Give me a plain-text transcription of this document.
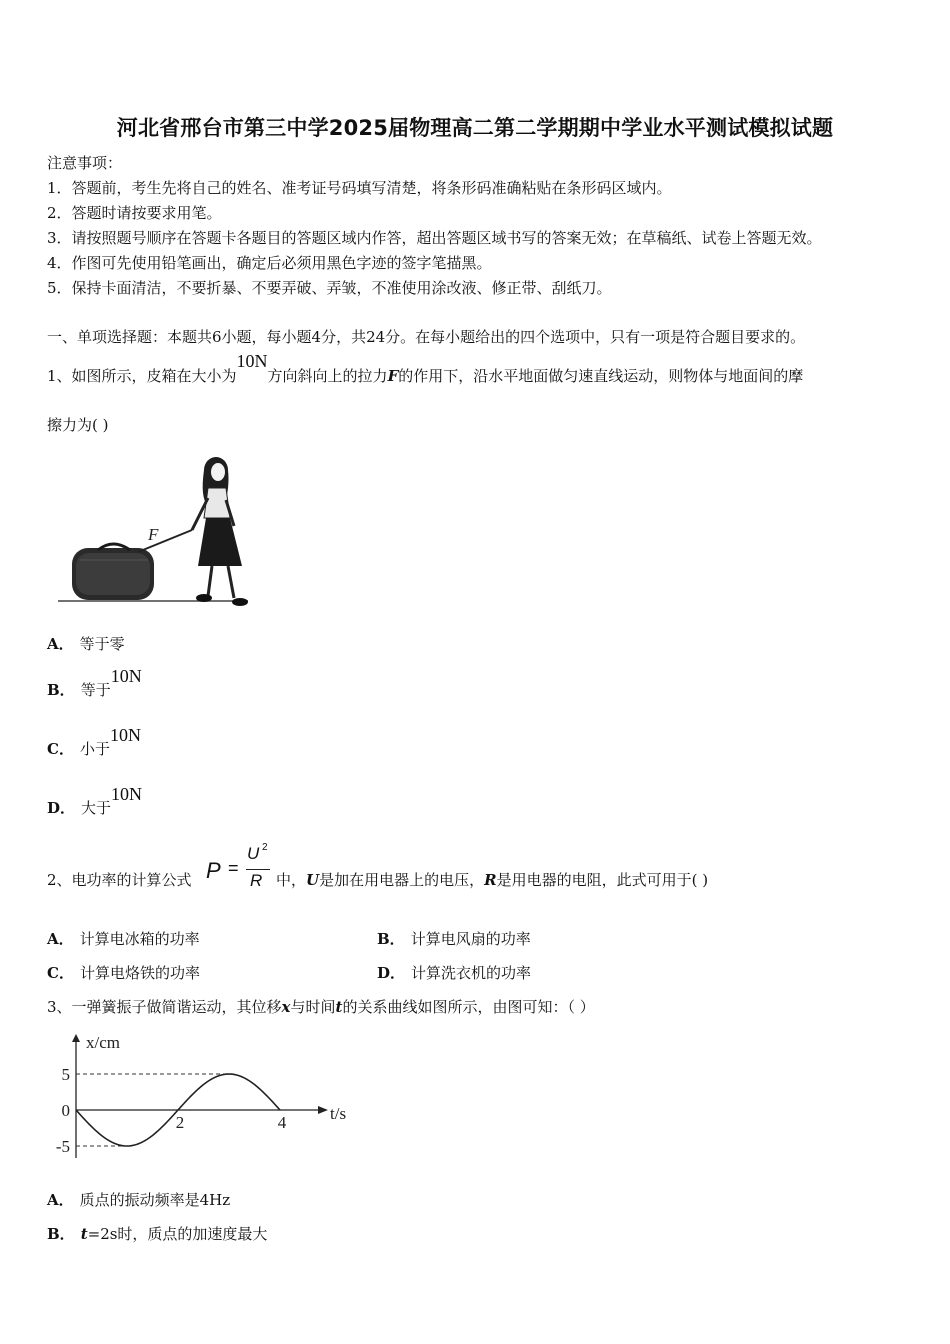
河北省邢台市第三中学2025届物理高二第二学期期中学业水平测试模拟试题
注意事项：
1．答题前，考生先将自己的姓名、准考证号码填写清楚，将条形码准确粘贴在条形码区域内。
2．答题时请按要求用笔。
3．请按照题号顺序在答题卡各题目的答题区域内作答，超出答题区域书写的答案无效；在草稿纸、试卷上答题无效。
4．作图可先使用铅笔画出，确定后必须用黑色字迹的签字笔描黑。
5．保持卡面清洁，不要折暴、不要弄破、弄皱，不准使用涂改液、修正带、刮纸刀。
一、单项选择题：本题共6小题，每小题4分，共24分。在每小题给出的四个选项中，只有一项是符合题目要求的。
1、如图所示，皮箱在大小为10N方向斜向上的拉力F的作用下，沿水平地面做匀速直线运动，则物体与地面间的摩
擦力为( )
F
A． 等于零
B． 等于10N
C． 小于10N
D． 大于10N
2、电功率的计算公式 P =
U 2
R 中，U是加在用电器上的电压，R是用电器的电阻，此式可用于( )
A． 计算电冰箱的功率	B． 计算电风扇的功率
C． 计算电烙铁的功率	D． 计算洗衣机的功率
3、一弹簧振子做简谐运动，其位移x与时间t的关系曲线如图所示，由图可知：（ ）
x/cm
t/s
5
0
-5
2	4
A． 质点的振动频率是4Hz
B． t=2s时，质点的加速度最大
